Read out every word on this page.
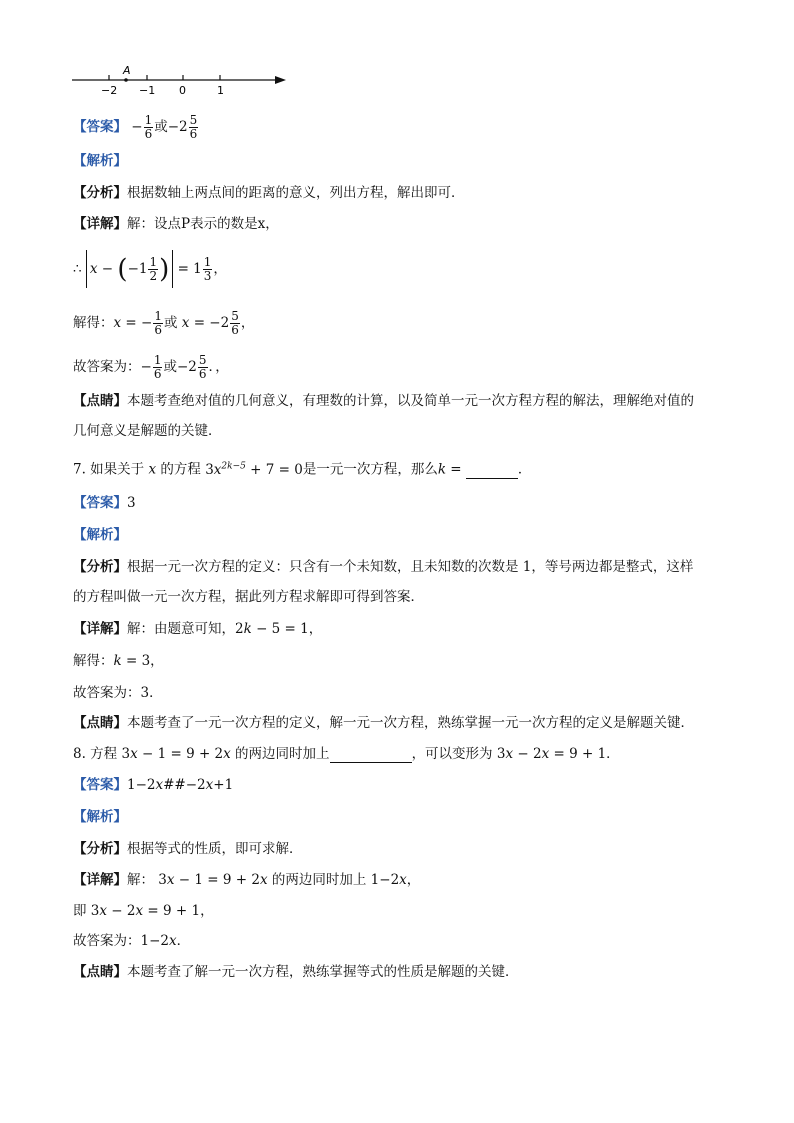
A
−2 −1 0	1
【答案】 − $\frac{1}{6}$ 或$-2 \frac{5}{6}$
【解析】
【分析】根据数轴上两点间的距离的意义，列出方程，解出即可．
【详解】解：设点P表示的数是x，
∴ $x - (-1 \frac{1}{2}$ ) = $1 \frac{1}{3}$ ，
解得：x = − $\frac{1}{6}$ 或 $x = -2 \frac{5}{6}$ ，
故答案为：− $\frac{1}{6}$ 或$-2 \frac{5}{6}$ ．，
【点睛】本题考查绝对值的几何意义，有理数的计算，以及简单一元一次方程方程的解法，理解绝对值的
几何意义是解题的关键．
7. 如果关于 x 的方程 $3x^{2k-5} + 7 = 0$是一元一次方程，那么k =	．
【答案】3
【解析】
【分析】根据一元一次方程的定义：只含有一个未知数，且未知数的次数是 1，等号两边都是整式，这样
的方程叫做一元一次方程，据此列方程求解即可得到答案．
【详解】解：由题意可知，2k − 5 = 1，
解得：k = 3，
故答案为：3．
【点睛】本题考查了一元一次方程的定义，解一元一次方程，熟练掌握一元一次方程的定义是解题关键．
8. 方程 3x − 1 = 9 + 2x 的两边同时加上	，可以变形为 3x − 2x = 9 + 1．
【答案】1−2x##−2x+1
【解析】
【分析】根据等式的性质，即可求解．
【详解】解： 3x − 1 = 9 + 2x 的两边同时加上 1−2x，
即 3x − 2x = 9 + 1，
故答案为：1−2x．
【点睛】本题考查了解一元一次方程，熟练掌握等式的性质是解题的关键．
